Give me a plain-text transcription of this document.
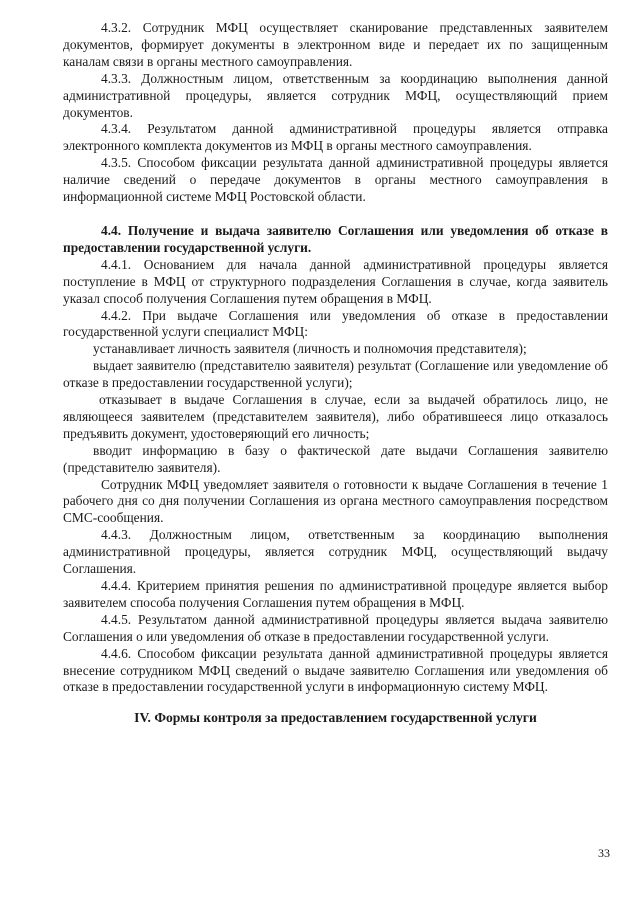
4.3.2. Сотрудник МФЦ осуществляет сканирование представленных заявителем документов, формирует документы в электронном виде и передает их по защищенным каналам связи в органы местного самоуправления.

4.3.3. Должностным лицом, ответственным за координацию выполнения данной административной процедуры, является сотрудник МФЦ, осуществляющий прием документов.

4.3.4. Результатом данной административной процедуры является отправка электронного комплекта документов из МФЦ в органы местного самоуправления.

4.3.5. Способом фиксации результата данной административной процедуры является наличие сведений о передаче документов в органы местного самоуправления в информационной системе МФЦ Ростовской области.

4.4. Получение и выдача заявителю Соглашения или уведомления об отказе в предоставлении государственной услуги.

4.4.1. Основанием для начала данной административной процедуры является поступление в МФЦ от структурного подразделения Соглашения в случае, когда заявитель указал способ получения Соглашения путем обращения в МФЦ.

4.4.2. При выдаче Соглашения или уведомления об отказе в предоставлении государственной услуги специалист МФЦ:

устанавливает личность заявителя (личность и полномочия представителя);

выдает заявителю (представителю заявителя) результат (Соглашение или уведомление об отказе в предоставлении государственной услуги);

отказывает в выдаче Соглашения в случае, если за выдачей обратилось лицо, не являющееся заявителем (представителем заявителя), либо обратившееся лицо отказалось предъявить документ, удостоверяющий его личность;

вводит информацию в базу о фактической дате выдачи Соглашения заявителю (представителю заявителя).

Сотрудник МФЦ уведомляет заявителя о готовности к выдаче Соглашения в течение 1 рабочего дня со дня получении Соглашения из органа местного самоуправления посредством СМС-сообщения.

4.4.3. Должностным лицом, ответственным за координацию выполнения административной процедуры, является сотрудник МФЦ, осуществляющий выдачу Соглашения.

4.4.4. Критерием принятия решения по административной процедуре является выбор заявителем способа получения Соглашения путем обращения в МФЦ.

4.4.5. Результатом данной административной процедуры является выдача заявителю Соглашения о или уведомления об отказе в предоставлении государственной услуги.

4.4.6. Способом фиксации результата данной административной процедуры является внесение сотрудником МФЦ сведений о выдаче заявителю Соглашения или уведомления об отказе в предоставлении государственной услуги в информационную систему МФЦ.

IV. Формы контроля за предоставлением государственной услуги

33
